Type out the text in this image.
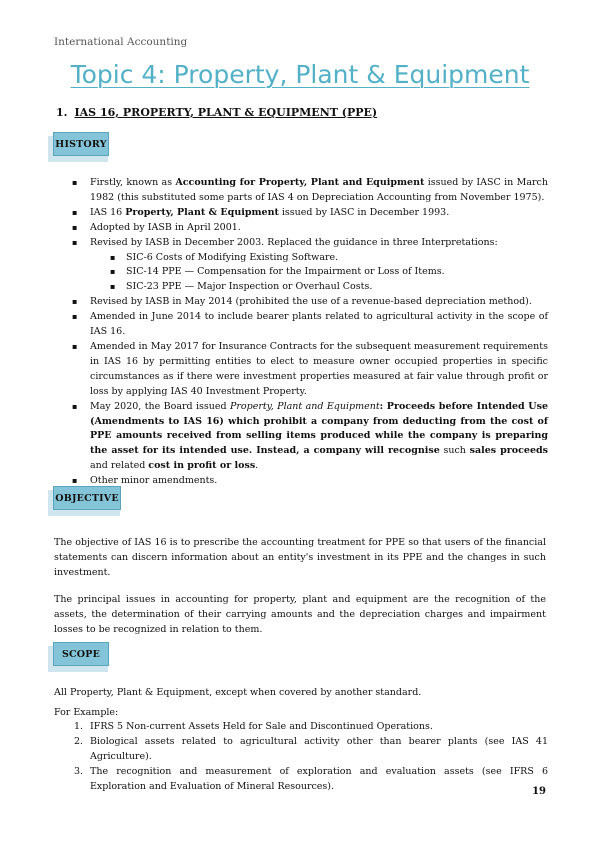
International Accounting
Topic 4: Property, Plant & Equipment
1. IAS 16, PROPERTY, PLANT & EQUIPMENT (PPE)
HISTORY
▪ Firstly, known as Accounting for Property, Plant and Equipment issued by IASC in March 1982 (this substituted some parts of IAS 4 on Depreciation Accounting from November 1975).
▪ IAS 16 Property, Plant & Equipment issued by IASC in December 1993.
▪ Adopted by IASB in April 2001.
▪ Revised by IASB in December 2003. Replaced the guidance in three Interpretations:
▪ SIC-6 Costs of Modifying Existing Software.
▪ SIC-14 PPE — Compensation for the Impairment or Loss of Items.
▪ SIC-23 PPE — Major Inspection or Overhaul Costs.
▪ Revised by IASB in May 2014 (prohibited the use of a revenue-based depreciation method).
▪ Amended in June 2014 to include bearer plants related to agricultural activity in the scope of IAS 16.
▪ Amended in May 2017 for Insurance Contracts for the subsequent measurement requirements in IAS 16 by permitting entities to elect to measure owner occupied properties in specific circumstances as if there were investment properties measured at fair value through profit or loss by applying IAS 40 Investment Property.
▪ May 2020, the Board issued Property, Plant and Equipment: Proceeds before Intended Use (Amendments to IAS 16) which prohibit a company from deducting from the cost of PPE amounts received from selling items produced while the company is preparing the asset for its intended use. Instead, a company will recognise such sales proceeds and related cost in profit or loss.
▪ Other minor amendments.
OBJECTIVE
The objective of IAS 16 is to prescribe the accounting treatment for PPE so that users of the financial statements can discern information about an entity's investment in its PPE and the changes in such investment.
The principal issues in accounting for property, plant and equipment are the recognition of the assets, the determination of their carrying amounts and the depreciation charges and impairment losses to be recognized in relation to them.
SCOPE
All Property, Plant & Equipment, except when covered by another standard.
For Example:
1. IFRS 5 Non-current Assets Held for Sale and Discontinued Operations.
2. Biological assets related to agricultural activity other than bearer plants (see IAS 41 Agriculture).
3. The recognition and measurement of exploration and evaluation assets (see IFRS 6 Exploration and Evaluation of Mineral Resources).	19
